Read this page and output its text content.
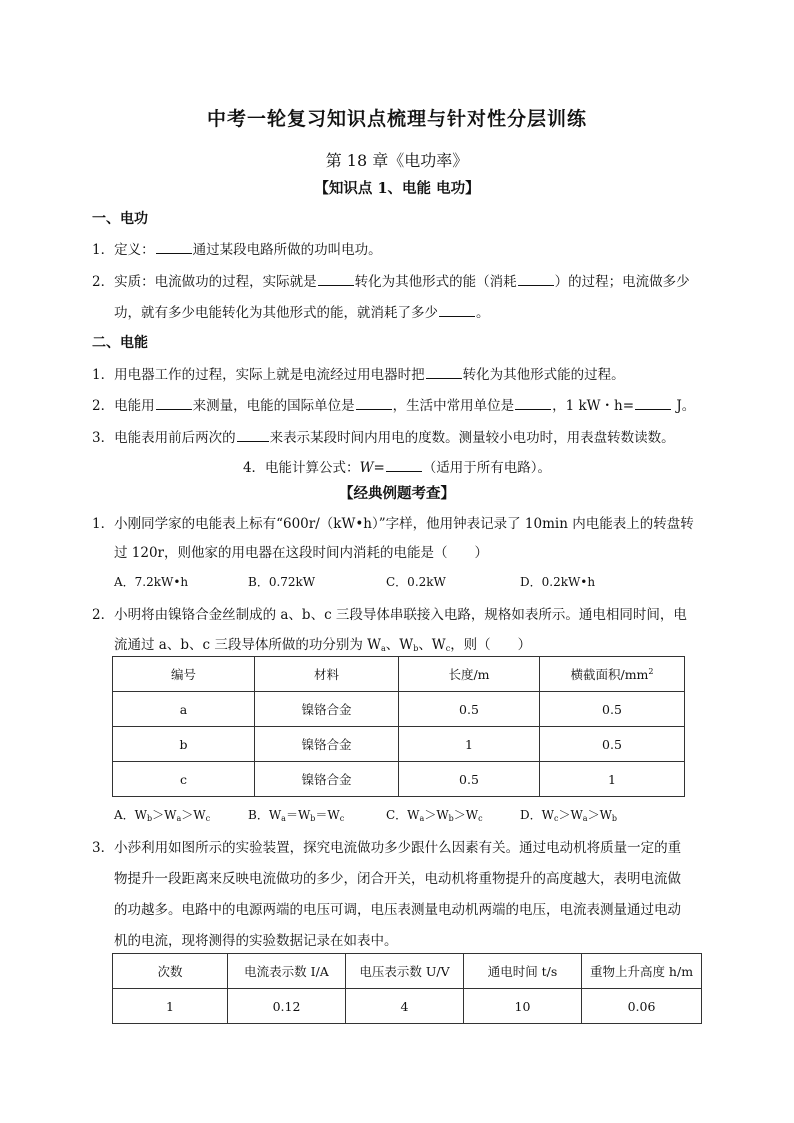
中考一轮复习知识点梳理与针对性分层训练
第 18 章《电功率》
【知识点 1、电能 电功】
一、电功
1．定义：	通过某段电路所做的功叫电功。
2．实质：电流做功的过程，实际就是	转化为其他形式的能（消耗	）的过程；电流做多少
功，就有多少电能转化为其他形式的能，就消耗了多少	。
二、电能
1．用电器工作的过程，实际上就是电流经过用电器时把	转化为其他形式能的过程。
2．电能用	来测量，电能的国际单位是	，生活中常用单位是	，1 kW・h=	J。
3．电能表用前后两次的	来表示某段时间内用电的度数。测量较小电功时，用表盘转数读数。
4．电能计算公式：W=	（适用于所有电路）。
【经典例题考查】
1．小刚同学家的电能表上标有“600r/（kW•h）”字样，他用钟表记录了 10min 内电能表上的转盘转
过 120r，则他家的用电器在这段时间内消耗的电能是（　　）
A．7.2kW•h	B．0.72kW	C．0.2kW	D．0.2kW•h
2．小明将由镍铬合金丝制成的 a、b、c 三段导体串联接入电路，规格如表所示。通电相同时间，电
流通过 a、b、c 三段导体所做的功分别为 $W_a$、$W_b$、$W_c$，则（　　）
编号	材料	长度/m	横截面积$/mm^2$
a	镍铬合金	0.5	0.5
b	镍铬合金	1	0.5
c	镍铬合金	0.5	1
A．$W_b>W_a>W_c$	B．$W_a=W_b=W_c$	C．$W_a>W_b>W_c$	D．$W_c>W_a>W_b$
3．小莎利用如图所示的实验装置，探究电流做功多少跟什么因素有关。通过电动机将质量一定的重
物提升一段距离来反映电流做功的多少，闭合开关，电动机将重物提升的高度越大，表明电流做
的功越多。电路中的电源两端的电压可调，电压表测量电动机两端的电压，电流表测量通过电动
机的电流，现将测得的实验数据记录在如表中。
次数	电流表示数 I/A	电压表示数 U/V	通电时间 t/s	重物上升高度 h/m
1	0.12	4	10	0.06
